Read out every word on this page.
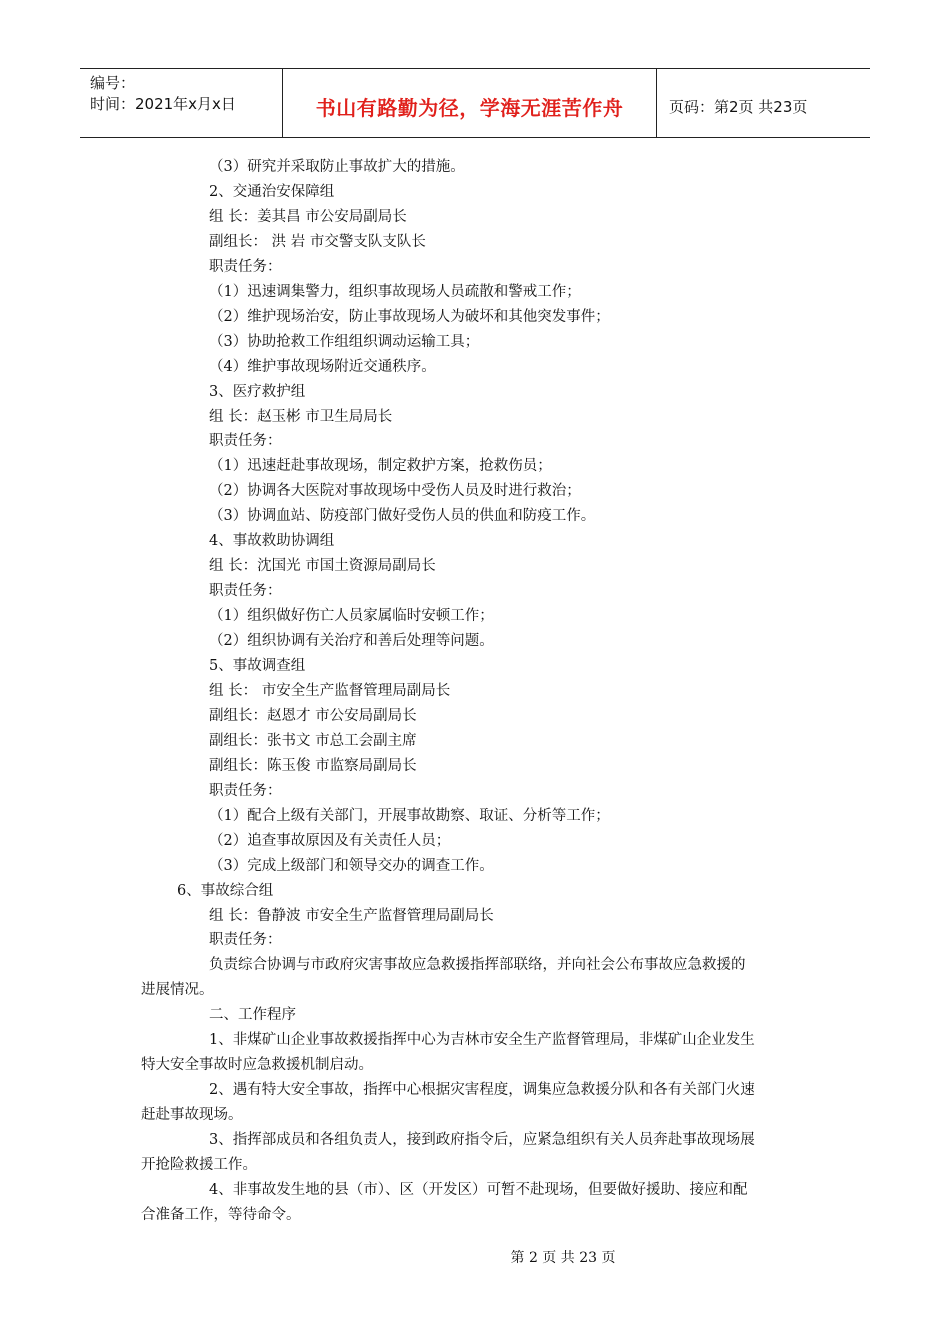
编号：
时间：2021年x月x日	书山有路勤为径，学海无涯苦作舟	页码：第2页 共23页
（3）研究并采取防止事故扩大的措施。
2、交通治安保障组
组 长：姜其昌 市公安局副局长
副组长： 洪 岩 市交警支队支队长
职责任务：
（1）迅速调集警力，组织事故现场人员疏散和警戒工作；
（2）维护现场治安，防止事故现场人为破坏和其他突发事件；
（3）协助抢救工作组组织调动运输工具；
（4）维护事故现场附近交通秩序。
3、医疗救护组
组 长：赵玉彬 市卫生局局长
职责任务：
（1）迅速赶赴事故现场，制定救护方案，抢救伤员；
（2）协调各大医院对事故现场中受伤人员及时进行救治；
（3）协调血站、防疫部门做好受伤人员的供血和防疫工作。
4、事故救助协调组
组 长：沈国光 市国土资源局副局长
职责任务：
（1）组织做好伤亡人员家属临时安顿工作；
（2）组织协调有关治疗和善后处理等问题。
5、事故调查组
组 长： 市安全生产监督管理局副局长
副组长：赵恩才 市公安局副局长
副组长：张书文 市总工会副主席
副组长：陈玉俊 市监察局副局长
职责任务：
（1）配合上级有关部门，开展事故勘察、取证、分析等工作；
（2）追查事故原因及有关责任人员；
（3）完成上级部门和领导交办的调查工作。
6、事故综合组
组 长：鲁静波 市安全生产监督管理局副局长
职责任务：
负责综合协调与市政府灾害事故应急救援指挥部联络，并向社会公布事故应急救援的
进展情况。
二、工作程序
1、非煤矿山企业事故救援指挥中心为吉林市安全生产监督管理局，非煤矿山企业发生
特大安全事故时应急救援机制启动。
2、遇有特大安全事故，指挥中心根据灾害程度，调集应急救援分队和各有关部门火速
赶赴事故现场。
3、指挥部成员和各组负责人，接到政府指令后，应紧急组织有关人员奔赴事故现场展
开抢险救援工作。
4、非事故发生地的县（市）、区（开发区）可暂不赴现场，但要做好援助、接应和配
合准备工作，等待命令。
第 2 页 共 23 页
